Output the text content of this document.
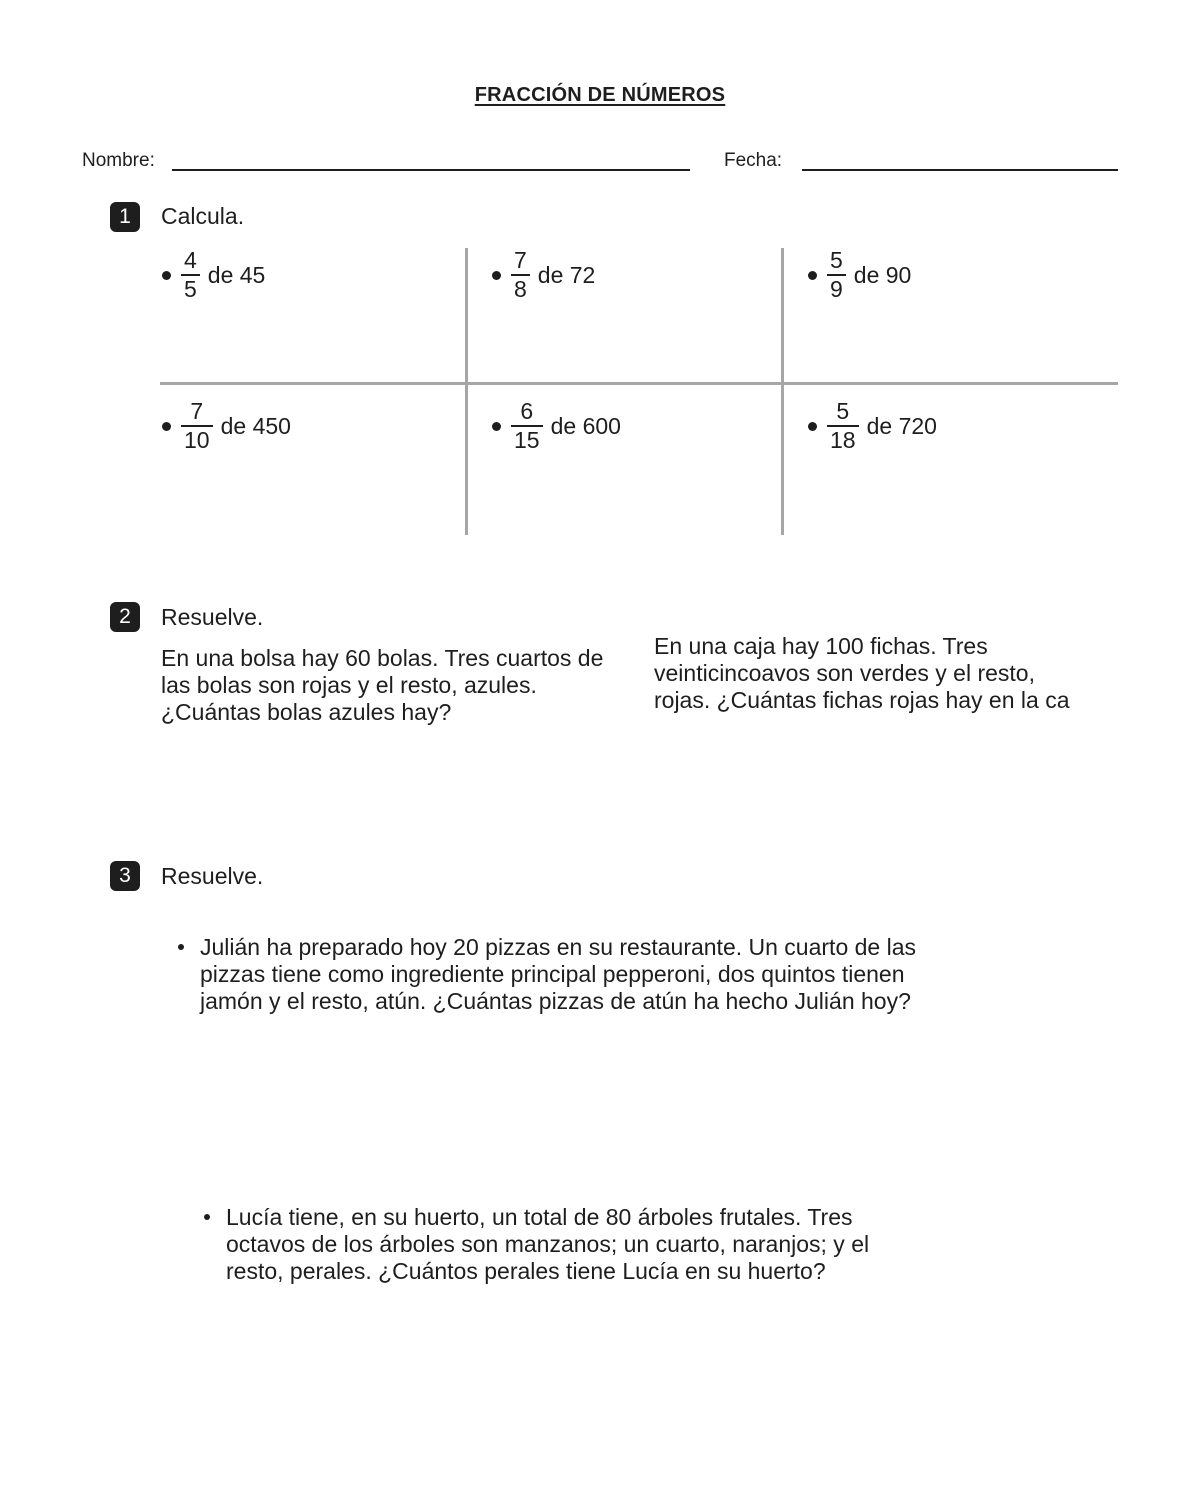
FRACCIÓN DE NÚMEROS
Nombre:	Fecha:
1	Calcula.
$\frac{4}{5}$ de 45	$\frac{7}{8}$ de 72	$\frac{5}{9}$ de 90
$\frac{7}{10}$ de 450	$\frac{6}{15}$ de 600	$\frac{5}{18}$ de 720
2	Resuelve.
En una bolsa hay 60 bolas. Tres cuartos de las bolas son rojas y el resto, azules. ¿Cuántas bolas azules hay?
En una caja hay 100 fichas. Tres veinticincoavos son verdes y el resto, rojas. ¿Cuántas fichas rojas hay en la ca
3	Resuelve.
Julián ha preparado hoy 20 pizzas en su restaurante. Un cuarto de las pizzas tiene como ingrediente principal pepperoni, dos quintos tienen jamón y el resto, atún. ¿Cuántas pizzas de atún ha hecho Julián hoy?
Lucía tiene, en su huerto, un total de 80 árboles frutales. Tres octavos de los árboles son manzanos; un cuarto, naranjos; y el resto, perales. ¿Cuántos perales tiene Lucía en su huerto?
